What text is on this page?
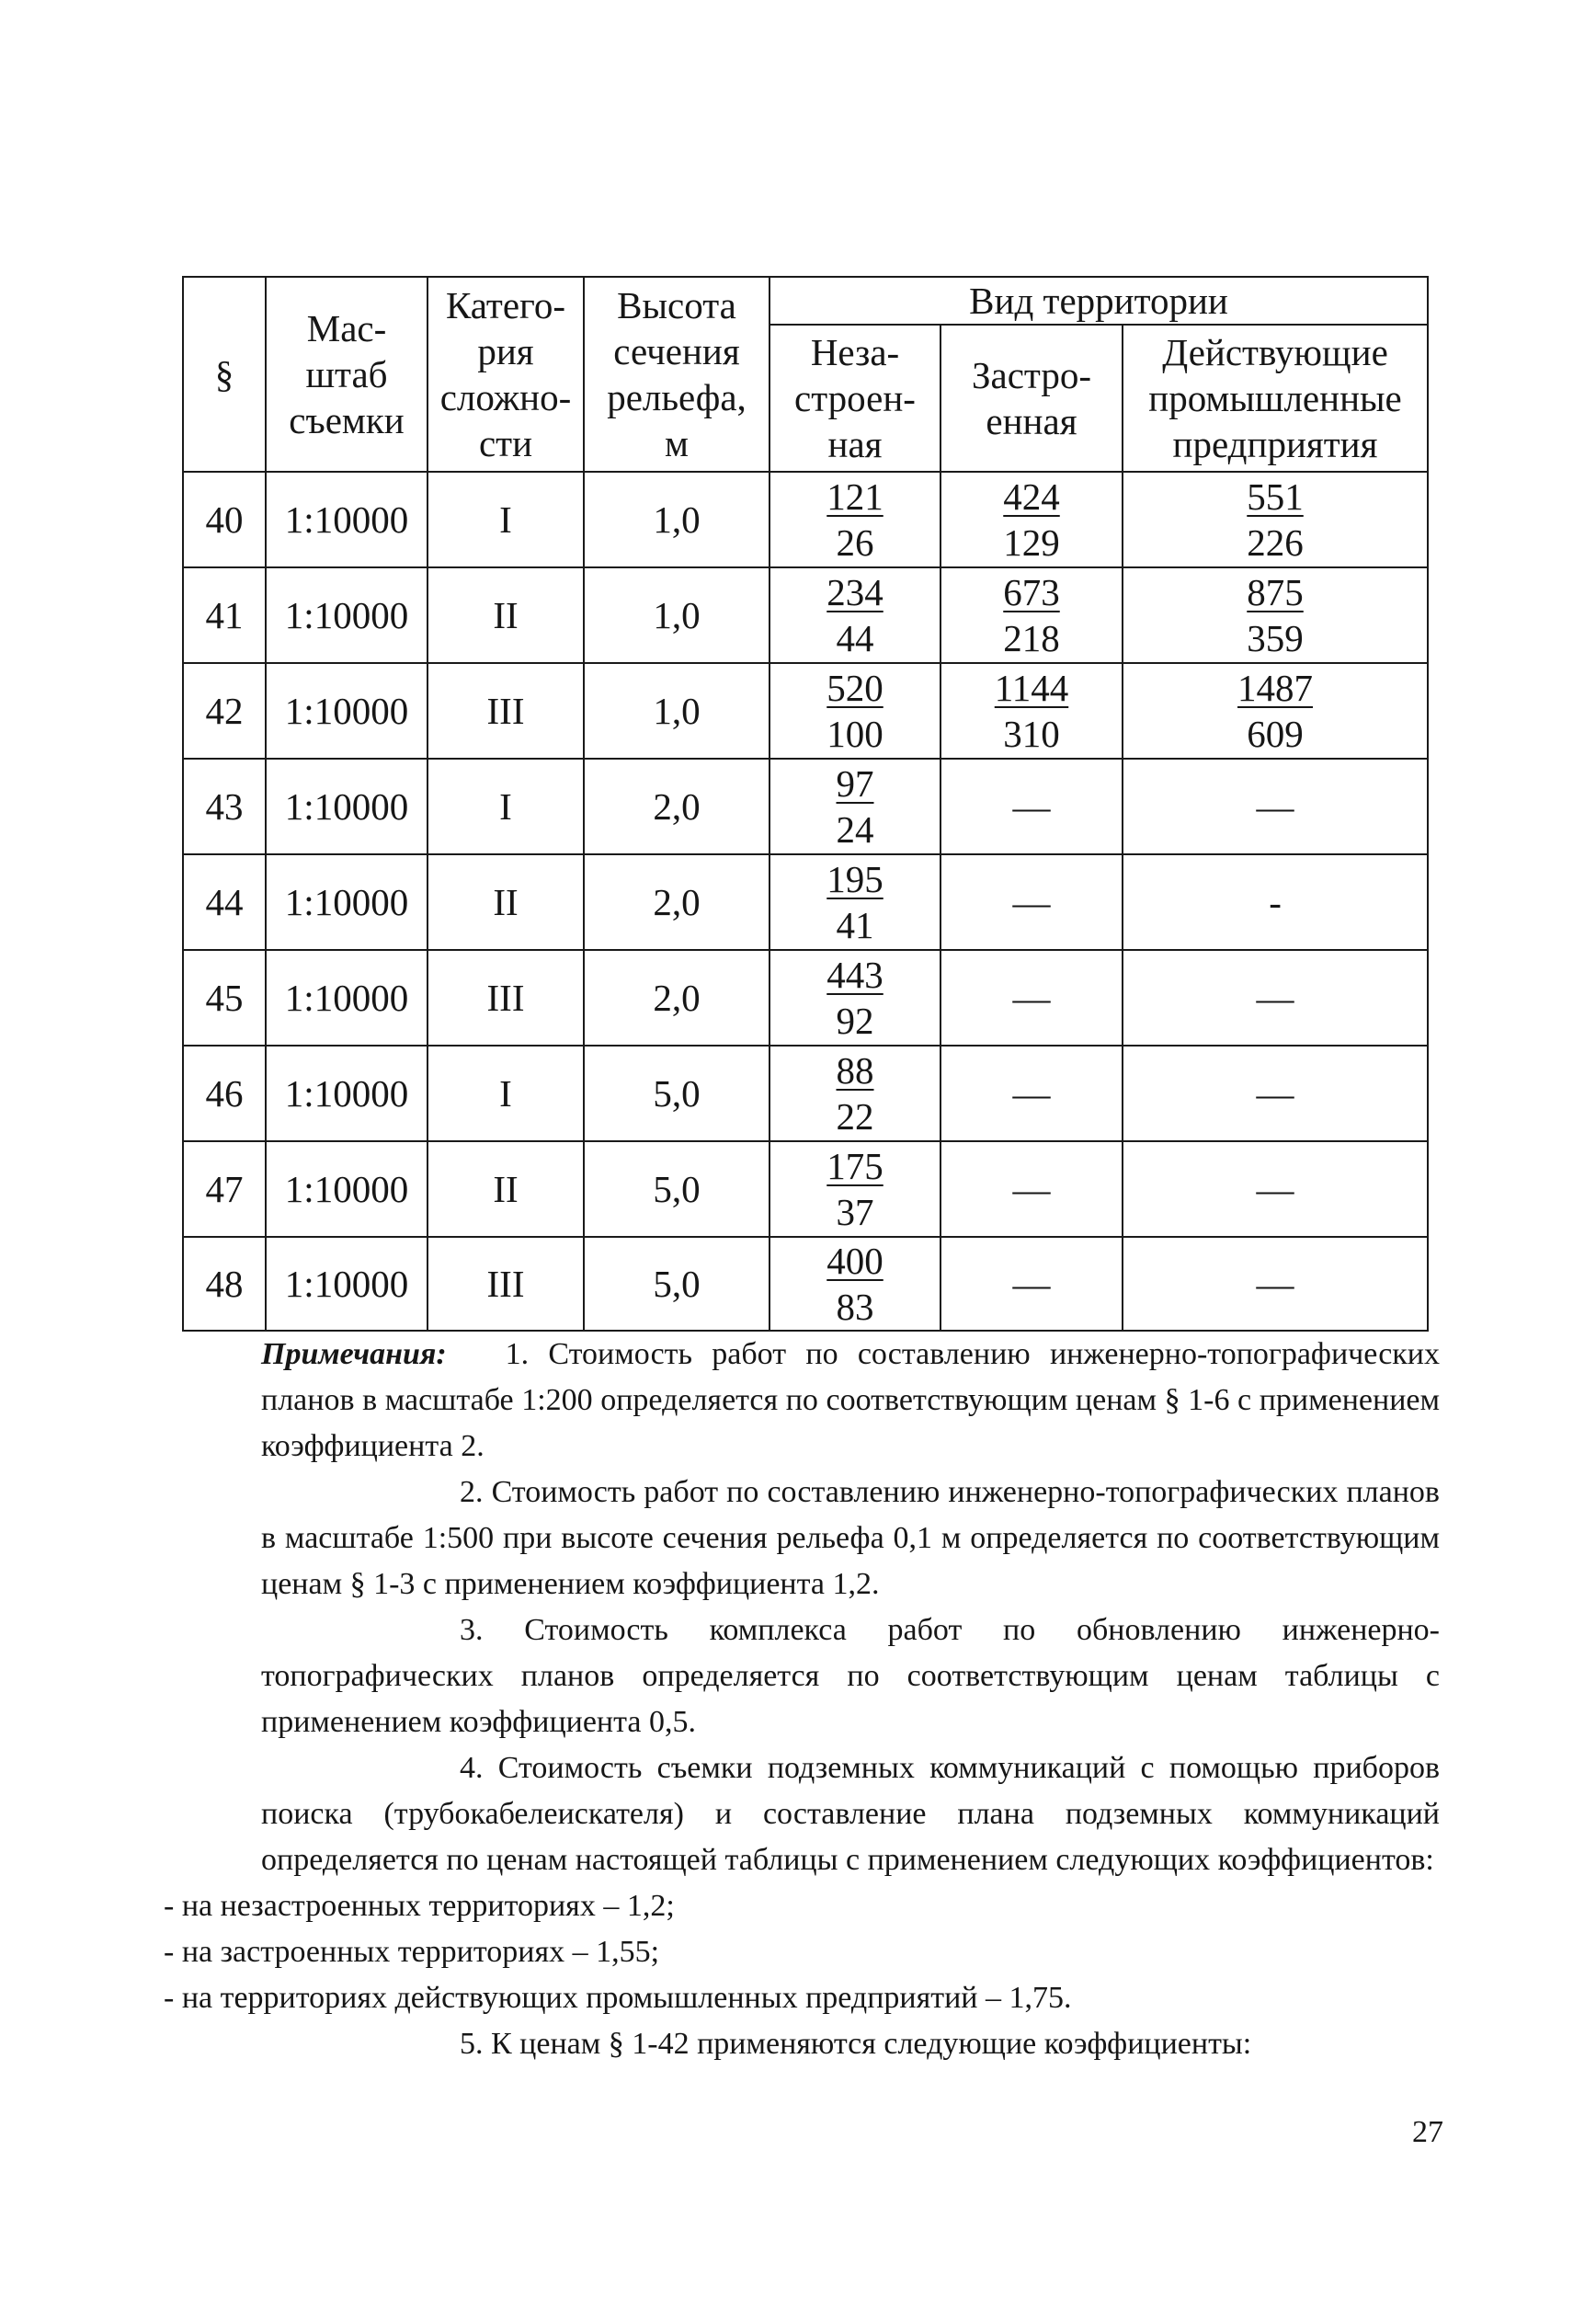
§	Мас-
штаб
съемки	Катего-
рия
сложно-
сти	Высота
сечения
рельефа,
м	Вид территории		
				Неза-
строен-
ная	Застро-
енная	Действующие
промышленные
предприятия
40	1:10000	I	1,0	$\frac{121}{26}$	$\frac{424}{129}$	$\frac{551}{226}$

41	1:10000	II	1,0	$\frac{234}{44}$	$\frac{673}{218}$	$\frac{875}{359}$

42	1:10000	III	1,0	$\frac{520}{100}$	$\frac{1144}{310}$	$\frac{1487}{609}$

43	1:10000	I	2,0	$\frac{97}{24}$	—	—
44	1:10000	II	2,0	$\frac{195}{41}$	—	-
45	1:10000	III	2,0	$\frac{443}{92}$	—	—
46	1:10000	I	5,0	$\frac{88}{22}$	—	—
47	1:10000	II	5,0	$\frac{175}{37}$	—	—
48	1:10000	III	5,0	$\frac{400}{83}$	—	—

Примечания: 1. Стоимость работ по составлению инженерно-топографических планов в масштабе 1:200 определяется по соответствующим ценам § 1-6 с применением коэффициента 2.

2. Стоимость работ по составлению инженерно-топографических планов в масштабе 1:500 при высоте сечения рельефа 0,1 м определяется по соответствующим ценам § 1-3 с применением коэффициента 1,2.

3. Стоимость комплекса работ по обновлению инженерно-топографических планов определяется по соответствующим ценам таблицы с применением коэффициента 0,5.

4. Стоимость съемки подземных коммуникаций с помощью приборов поиска (трубокабелеискателя) и составление плана подземных коммуникаций определяется по ценам настоящей таблицы с применением следующих коэффициентов:

- на незастроенных территориях – 1,2;

- на застроенных территориях – 1,55;

- на территориях действующих промышленных предприятий – 1,75.

5. К ценам § 1-42 применяются следующие коэффициенты:

27
